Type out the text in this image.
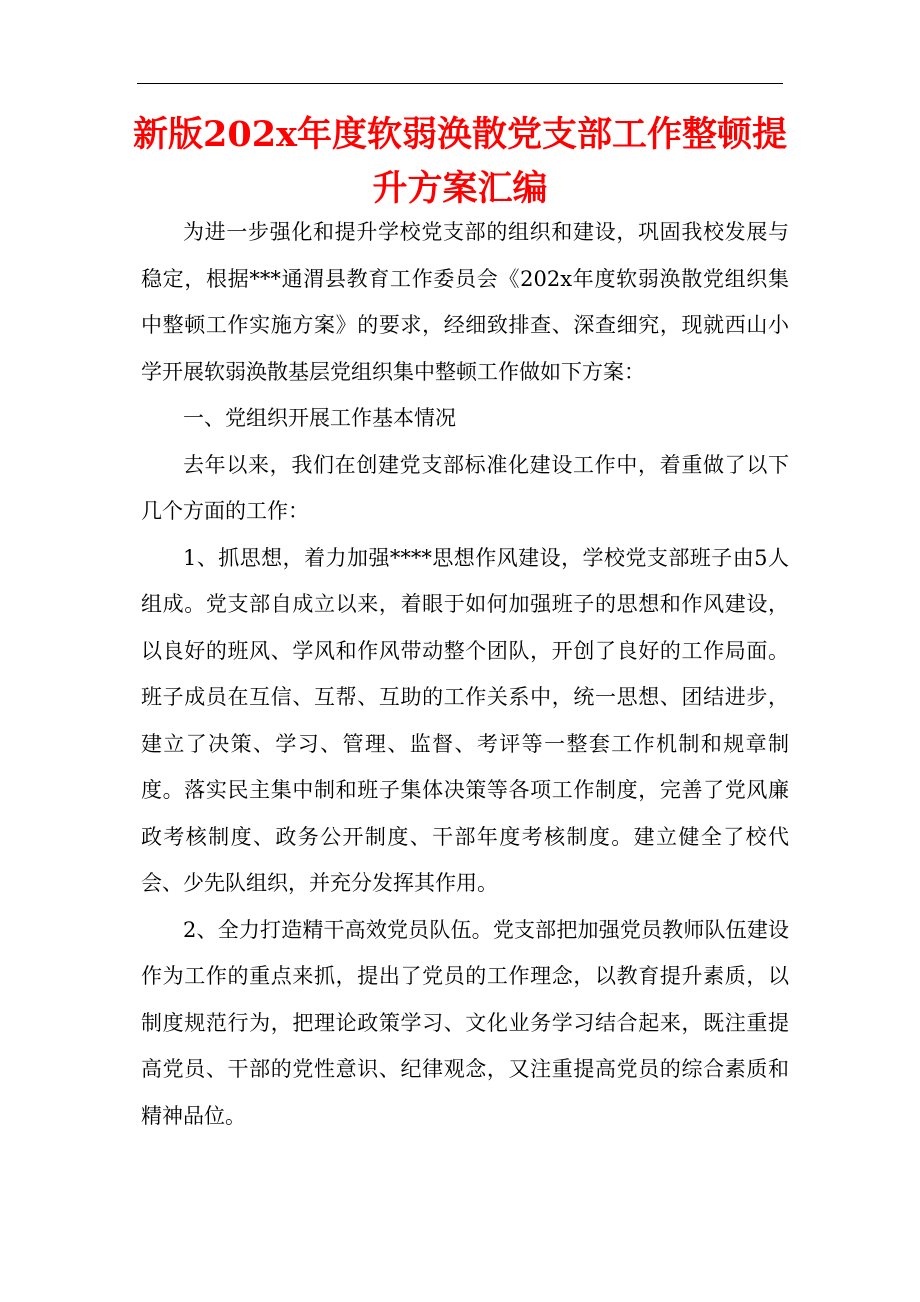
新版202x年度软弱涣散党支部工作整顿提升方案汇编

为进一步强化和提升学校党支部的组织和建设，巩固我校发展与稳定，根据***通渭县教育工作委员会《202x年度软弱涣散党组织集中整顿工作实施方案》的要求，经细致排查、深查细究，现就西山小学开展软弱涣散基层党组织集中整顿工作做如下方案：

一、党组织开展工作基本情况

去年以来，我们在创建党支部标准化建设工作中，着重做了以下几个方面的工作：

1、抓思想，着力加强****思想作风建设，学校党支部班子由5人组成。党支部自成立以来，着眼于如何加强班子的思想和作风建设，以良好的班风、学风和作风带动整个团队，开创了良好的工作局面。班子成员在互信、互帮、互助的工作关系中，统一思想、团结进步，建立了决策、学习、管理、监督、考评等一整套工作机制和规章制度。落实民主集中制和班子集体决策等各项工作制度，完善了党风廉政考核制度、政务公开制度、干部年度考核制度。建立健全了校代会、少先队组织，并充分发挥其作用。

2、全力打造精干高效党员队伍。党支部把加强党员教师队伍建设作为工作的重点来抓，提出了党员的工作理念，以教育提升素质，以制度规范行为，把理论政策学习、文化业务学习结合起来，既注重提高党员、干部的党性意识、纪律观念，又注重提高党员的综合素质和精神品位。
